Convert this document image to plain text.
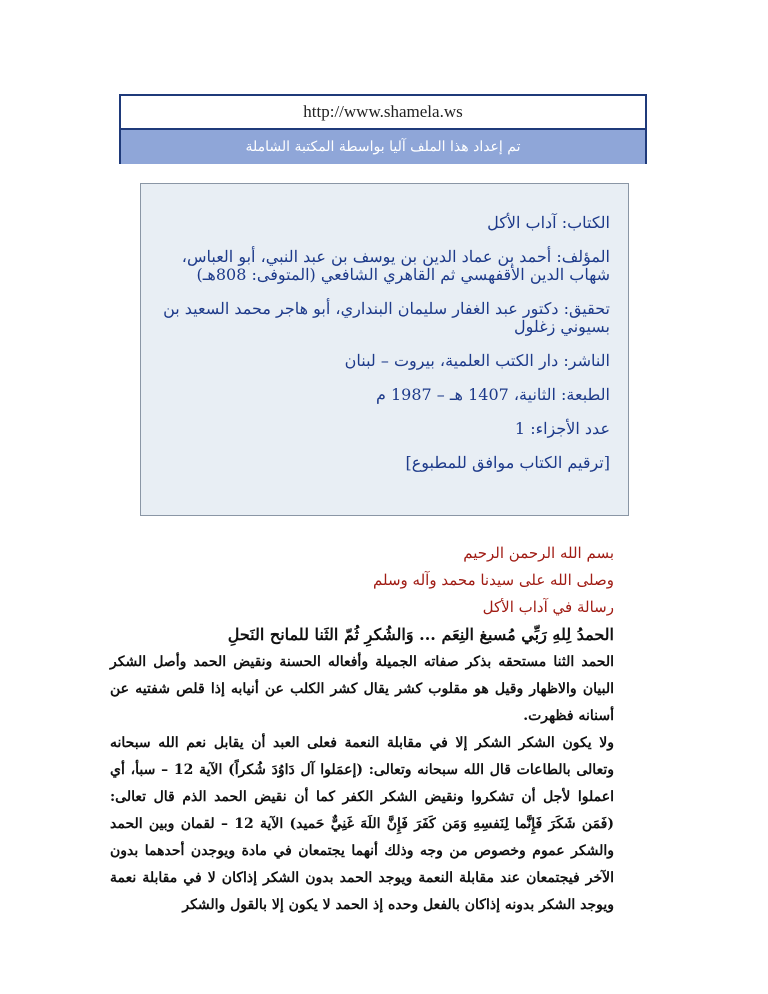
http://www.shamela.ws
تم إعداد هذا الملف آليا بواسطة المكتبة الشاملة
الكتاب: آداب الأكل
المؤلف: أحمد بن عماد الدين بن يوسف بن عبد النبي، أبو العباس، شهاب الدين الأقفهسي ثم القاهري الشافعي (المتوفى: 808هـ)
تحقيق: دكتور عبد الغفار سليمان البنداري، أبو هاجر محمد السعيد بن بسيوني زغلول
الناشر: دار الكتب العلمية، بيروت – لبنان
الطبعة: الثانية، 1407 هـ – 1987 م
عدد الأجزاء: 1
[ترقيم الكتاب موافق للمطبوع]
بسم الله الرحمن الرحيم
وصلى الله على سيدنا محمد وآله وسلم
رسالة في آداب الأكل
الحمدُ لِلهِ رَبِّي مُسبغ النِعَم ... وَالشُكرِ ثُمّ الثَنا للمانح النَحلِ
الحمد الثنا مستحقه بذكر صفاته الجميلة وأفعاله الحسنة ونقيض الحمد وأصل الشكر البيان والاظهار وقيل هو مقلوب كشر يقال كشر الكلب عن أنيابه إذا قلص شفتيه عن أسنانه فظهرت.
ولا يكون الشكر الشكر إلا في مقابلة النعمة فعلى العبد أن يقابل نعم الله سبحانه وتعالى بالطاعات قال الله سبحانه وتعالى: (إعمَلوا آل دَاوُدَ شُكراً) الآية 12 – سبأ، أي اعملوا لأجل أن تشكروا ونقيض الشكر الكفر كما أن نقيض الحمد الذم قال تعالى: (فَمَن شَكَرَ فَإِنَّما لِنَفسِهِ وَمَن كَفَرَ فَإِنَّ اللَهَ غَنِيٌّ حَميد) الآية 12 – لقمان وبين الحمد والشكر عموم وخصوص من وجه وذلك أنهما يجتمعان في مادة ويوجدن أحدهما بدون الآخر فيجتمعان عند مقابلة النعمة ويوجد الحمد بدون الشكر إذاكان لا في مقابلة نعمة ويوجد الشكر بدونه إذاكان بالفعل وحده إذ الحمد لا يكون إلا بالقول والشكر
